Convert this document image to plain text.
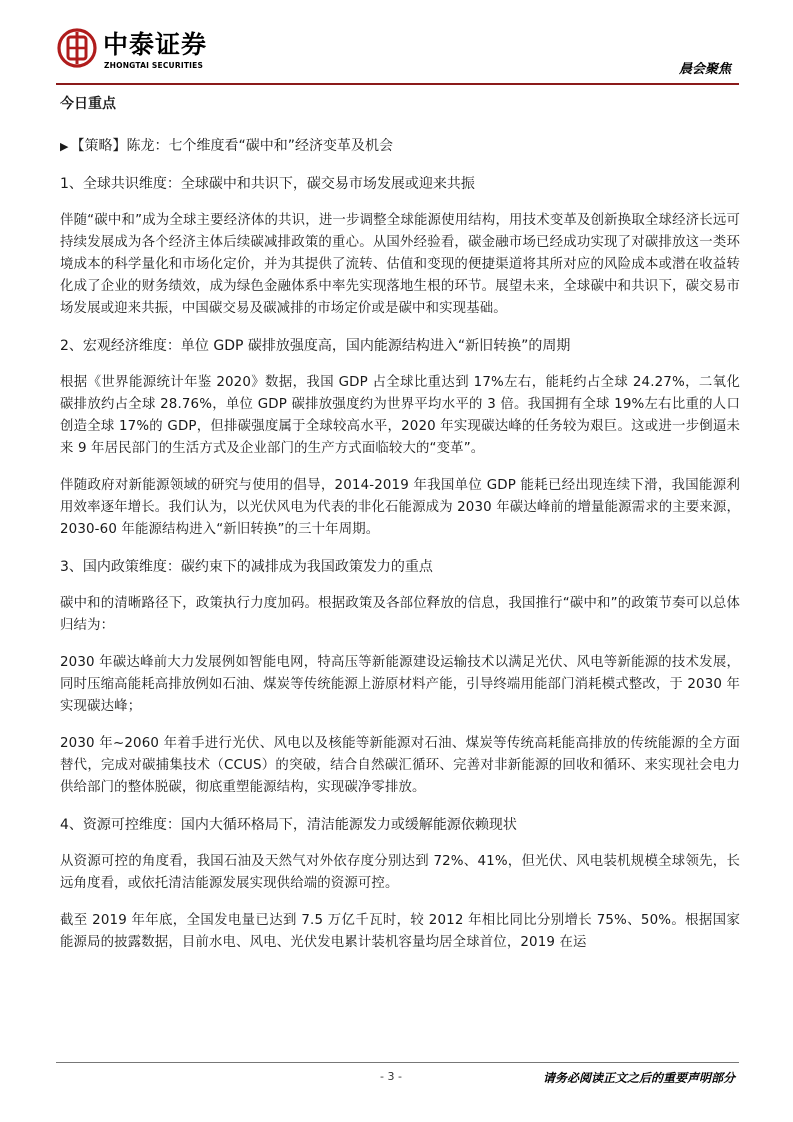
中泰证券
ZHONGTAI SECURITIES	晨会聚焦

今日重点

▶ 【策略】陈龙：七个维度看“碳中和”经济变革及机会

1、全球共识维度：全球碳中和共识下，碳交易市场发展或迎来共振

伴随“碳中和”成为全球主要经济体的共识，进一步调整全球能源使用结构，用技术变革及创新换取全球经济长远可持续发展成为各个经济主体后续碳减排政策的重心。从国外经验看，碳金融市场已经成功实现了对碳排放这一类环境成本的科学量化和市场化定价，并为其提供了流转、估值和变现的便捷渠道将其所对应的风险成本或潜在收益转化成了企业的财务绩效，成为绿色金融体系中率先实现落地生根的环节。展望未来，全球碳中和共识下，碳交易市场发展或迎来共振，中国碳交易及碳减排的市场定价或是碳中和实现基础。

2、宏观经济维度：单位 GDP 碳排放强度高，国内能源结构进入“新旧转换”的周期

根据《世界能源统计年鉴 2020》数据，我国 GDP 占全球比重达到 17%左右，能耗约占全球 24.27%，二氧化碳排放约占全球 28.76%，单位 GDP 碳排放强度约为世界平均水平的 3 倍。我国拥有全球 19%左右比重的人口创造全球 17%的 GDP，但排碳强度属于全球较高水平，2020 年实现碳达峰的任务较为艰巨。这或进一步倒逼未来 9 年居民部门的生活方式及企业部门的生产方式面临较大的“变革”。

伴随政府对新能源领域的研究与使用的倡导，2014-2019 年我国单位 GDP 能耗已经出现连续下滑，我国能源利用效率逐年增长。我们认为，以光伏风电为代表的非化石能源成为 2030 年碳达峰前的增量能源需求的主要来源，2030-60 年能源结构进入“新旧转换”的三十年周期。

3、国内政策维度：碳约束下的减排成为我国政策发力的重点

碳中和的清晰路径下，政策执行力度加码。根据政策及各部位释放的信息，我国推行“碳中和”的政策节奏可以总体归结为：

2030 年碳达峰前大力发展例如智能电网，特高压等新能源建设运输技术以满足光伏、风电等新能源的技术发展，同时压缩高能耗高排放例如石油、煤炭等传统能源上游原材料产能，引导终端用能部门消耗模式整改，于 2030 年实现碳达峰；

2030 年~2060 年着手进行光伏、风电以及核能等新能源对石油、煤炭等传统高耗能高排放的传统能源的全方面替代，完成对碳捕集技术（CCUS）的突破，结合自然碳汇循环、完善对非新能源的回收和循环、来实现社会电力供给部门的整体脱碳，彻底重塑能源结构，实现碳净零排放。

4、资源可控维度：国内大循环格局下，清洁能源发力或缓解能源依赖现状

从资源可控的角度看，我国石油及天然气对外依存度分别达到 72%、41%，但光伏、风电装机规模全球领先，长远角度看，或依托清洁能源发展实现供给端的资源可控。

截至 2019 年年底，全国发电量已达到 7.5 万亿千瓦时，较 2012 年相比同比分别增长 75%、50%。根据国家能源局的披露数据，目前水电、风电、光伏发电累计装机容量均居全球首位，2019 在运

- 3 -	请务必阅读正文之后的重要声明部分
